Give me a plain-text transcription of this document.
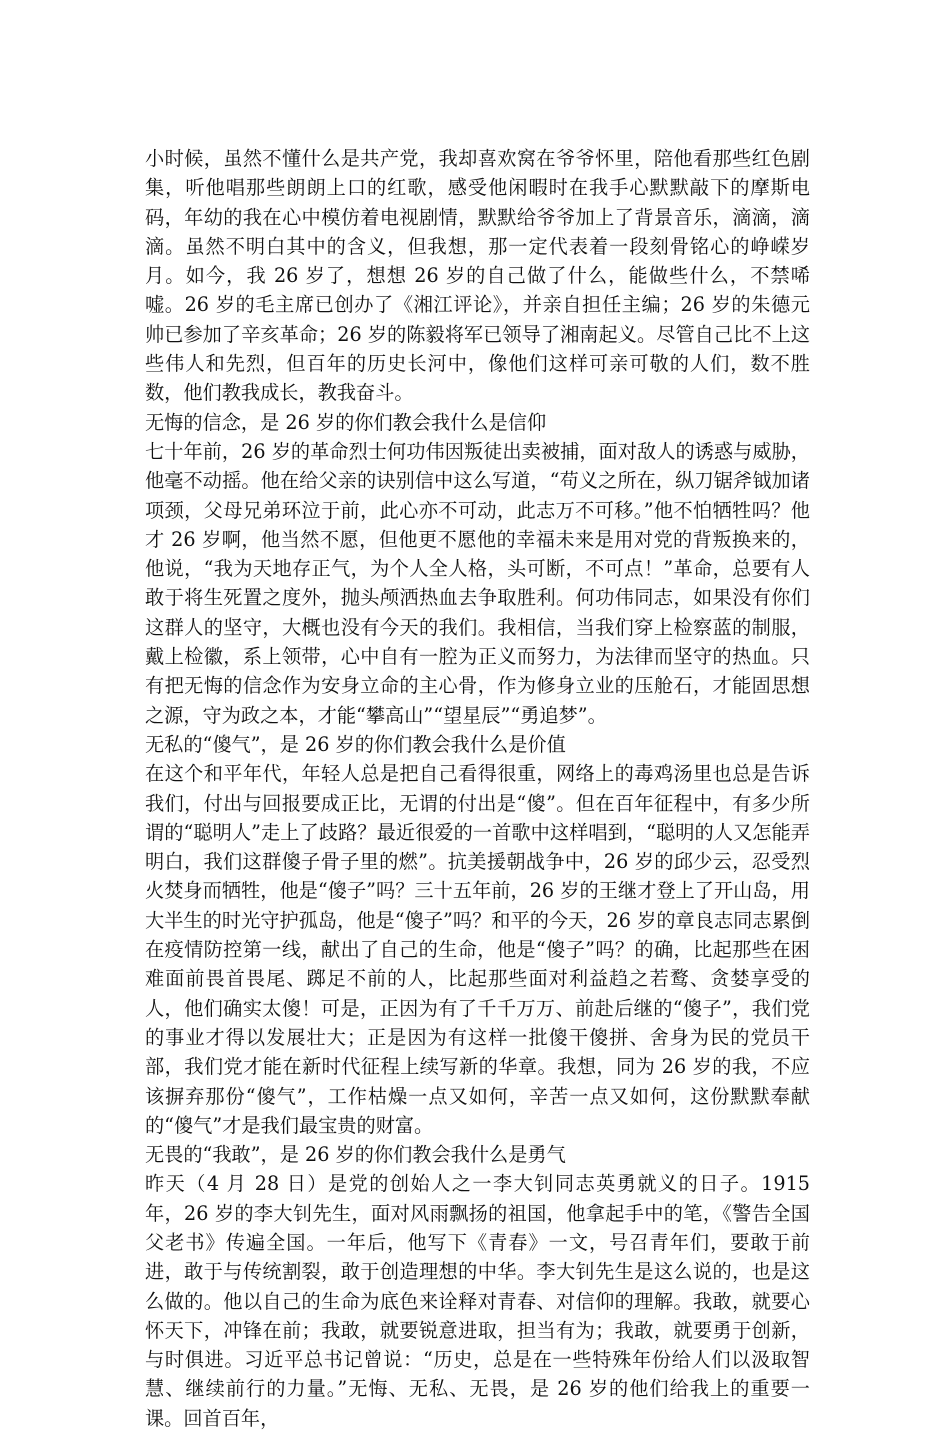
小时候，虽然不懂什么是共产党，我却喜欢窝在爷爷怀里，陪他看那些红色剧集，听他唱那些朗朗上口的红歌，感受他闲暇时在我手心默默敲下的摩斯电码，年幼的我在心中模仿着电视剧情，默默给爷爷加上了背景音乐，滴滴，滴滴。虽然不明白其中的含义，但我想，那一定代表着一段刻骨铭心的峥嵘岁月。如今，我 26 岁了，想想 26 岁的自己做了什么，能做些什么，不禁唏嘘。26 岁的毛主席已创办了《湘江评论》，并亲自担任主编；26 岁的朱德元帅已参加了辛亥革命；26 岁的陈毅将军已领导了湘南起义。尽管自己比不上这些伟人和先烈，但百年的历史长河中，像他们这样可亲可敬的人们，数不胜数，他们教我成长，教我奋斗。

无悔的信念，是 26 岁的你们教会我什么是信仰

七十年前，26 岁的革命烈士何功伟因叛徒出卖被捕，面对敌人的诱惑与威胁，他毫不动摇。他在给父亲的诀别信中这么写道，“苟义之所在，纵刀锯斧钺加诸项颈，父母兄弟环泣于前，此心亦不可动，此志万不可移。”他不怕牺牲吗？他才 26 岁啊，他当然不愿，但他更不愿他的幸福未来是用对党的背叛换来的，他说，“我为天地存正气，为个人全人格，头可断，不可点！”革命，总要有人敢于将生死置之度外，抛头颅洒热血去争取胜利。何功伟同志，如果没有你们这群人的坚守，大概也没有今天的我们。我相信，当我们穿上检察蓝的制服，戴上检徽，系上领带，心中自有一腔为正义而努力，为法律而坚守的热血。只有把无悔的信念作为安身立命的主心骨，作为修身立业的压舱石，才能固思想之源，守为政之本，才能“攀高山”“望星辰”“勇追梦”。

无私的“傻气”，是 26 岁的你们教会我什么是价值

在这个和平年代，年轻人总是把自己看得很重，网络上的毒鸡汤里也总是告诉我们，付出与回报要成正比，无谓的付出是“傻”。但在百年征程中，有多少所谓的“聪明人”走上了歧路？最近很爱的一首歌中这样唱到，“聪明的人又怎能弄明白，我们这群傻子骨子里的燃”。抗美援朝战争中，26 岁的邱少云，忍受烈火焚身而牺牲，他是“傻子”吗？三十五年前，26 岁的王继才登上了开山岛，用大半生的时光守护孤岛，他是“傻子”吗？和平的今天，26 岁的章良志同志累倒在疫情防控第一线，献出了自己的生命，他是“傻子”吗？的确，比起那些在困难面前畏首畏尾、踯足不前的人，比起那些面对利益趋之若鹜、贪婪享受的人，他们确实太傻！可是，正因为有了千千万万、前赴后继的“傻子”，我们党的事业才得以发展壮大；正是因为有这样一批傻干傻拼、舍身为民的党员干部，我们党才能在新时代征程上续写新的华章。我想，同为 26 岁的我，不应该摒弃那份“傻气”，工作枯燥一点又如何，辛苦一点又如何，这份默默奉献的“傻气”才是我们最宝贵的财富。

无畏的“我敢”，是 26 岁的你们教会我什么是勇气

昨天（4 月 28 日）是党的创始人之一李大钊同志英勇就义的日子。1915 年，26 岁的李大钊先生，面对风雨飘扬的祖国，他拿起手中的笔，《警告全国父老书》传遍全国。一年后，他写下《青春》一文，号召青年们，要敢于前进，敢于与传统割裂，敢于创造理想的中华。李大钊先生是这么说的，也是这么做的。他以自己的生命为底色来诠释对青春、对信仰的理解。我敢，就要心怀天下，冲锋在前；我敢，就要锐意进取，担当有为；我敢，就要勇于创新，与时俱进。习近平总书记曾说：“历史，总是在一些特殊年份给人们以汲取智慧、继续前行的力量。”无悔、无私、无畏，是 26 岁的他们给我上的重要一课。回首百年，
